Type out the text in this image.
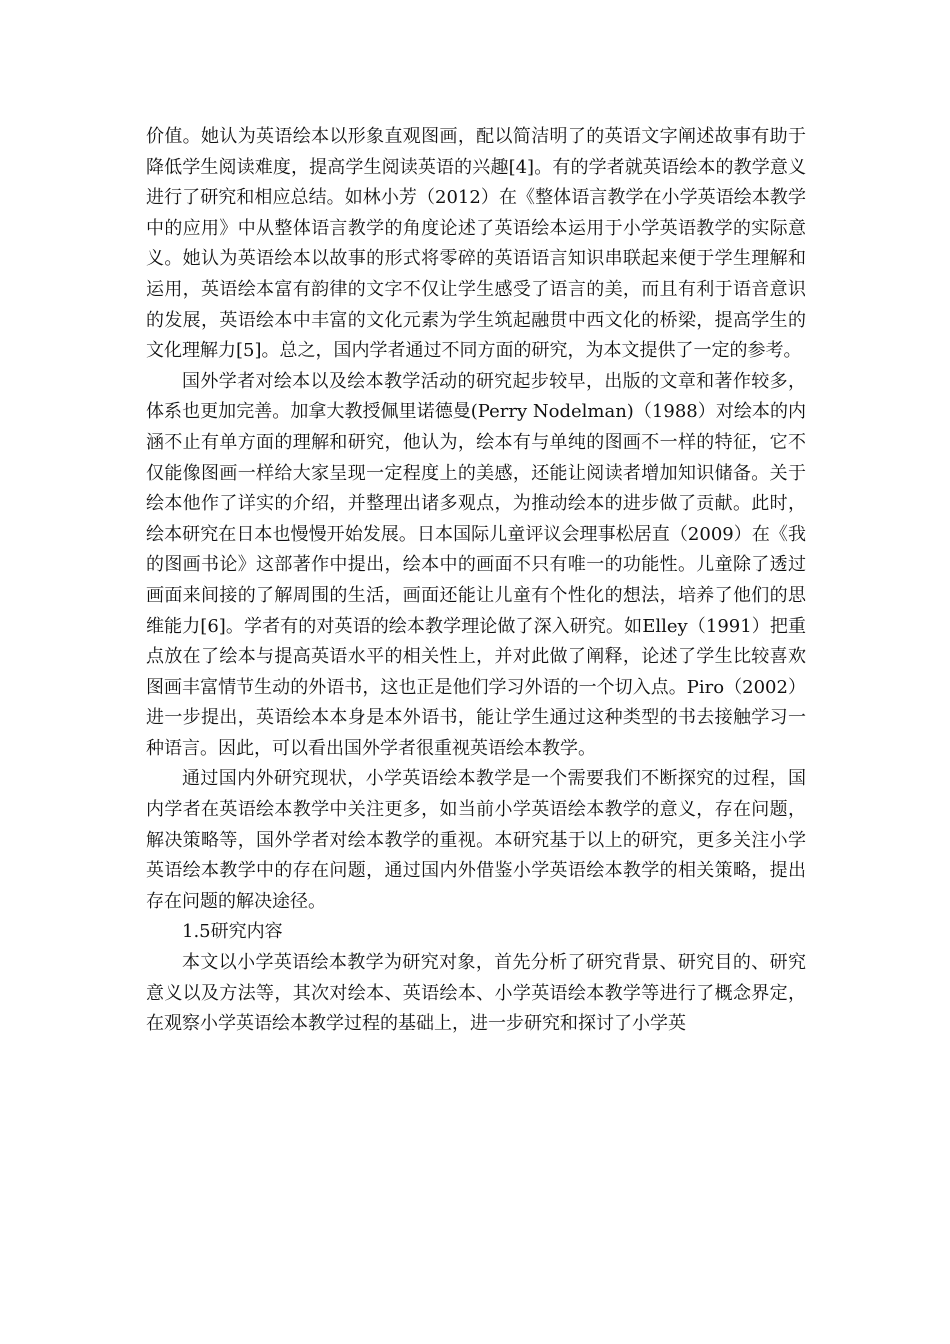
价值。她认为英语绘本以形象直观图画，配以简洁明了的英语文字阐述故事有助于降低学生阅读难度，提高学生阅读英语的兴趣[4]。有的学者就英语绘本的教学意义进行了研究和相应总结。如林小芳（2012）在《整体语言教学在小学英语绘本教学中的应用》中从整体语言教学的角度论述了英语绘本运用于小学英语教学的实际意义。她认为英语绘本以故事的形式将零碎的英语语言知识串联起来便于学生理解和运用，英语绘本富有韵律的文字不仅让学生感受了语言的美，而且有利于语音意识的发展，英语绘本中丰富的文化元素为学生筑起融贯中西文化的桥梁，提高学生的文化理解力[5]。总之，国内学者通过不同方面的研究，为本文提供了一定的参考。

国外学者对绘本以及绘本教学活动的研究起步较早，出版的文章和著作较多，体系也更加完善。加拿大教授佩里诺德曼(Perry Nodelman)（1988）对绘本的内涵不止有单方面的理解和研究，他认为，绘本有与单纯的图画不一样的特征，它不仅能像图画一样给大家呈现一定程度上的美感，还能让阅读者增加知识储备。关于绘本他作了详实的介绍，并整理出诸多观点，为推动绘本的进步做了贡献。此时，绘本研究在日本也慢慢开始发展。日本国际儿童评议会理事松居直（2009）在《我的图画书论》这部著作中提出，绘本中的画面不只有唯一的功能性。儿童除了透过画面来间接的了解周围的生活，画面还能让儿童有个性化的想法，培养了他们的思维能力[6]。学者有的对英语的绘本教学理论做了深入研究。如Elley（1991）把重点放在了绘本与提高英语水平的相关性上，并对此做了阐释，论述了学生比较喜欢图画丰富情节生动的外语书，这也正是他们学习外语的一个切入点。Piro（2002）进一步提出，英语绘本本身是本外语书，能让学生通过这种类型的书去接触学习一种语言。因此，可以看出国外学者很重视英语绘本教学。

通过国内外研究现状，小学英语绘本教学是一个需要我们不断探究的过程，国内学者在英语绘本教学中关注更多，如当前小学英语绘本教学的意义，存在问题，解决策略等，国外学者对绘本教学的重视。本研究基于以上的研究，更多关注小学英语绘本教学中的存在问题，通过国内外借鉴小学英语绘本教学的相关策略，提出存在问题的解决途径。

1.5研究内容

本文以小学英语绘本教学为研究对象，首先分析了研究背景、研究目的、研究意义以及方法等，其次对绘本、英语绘本、小学英语绘本教学等进行了概念界定，在观察小学英语绘本教学过程的基础上，进一步研究和探讨了小学英
